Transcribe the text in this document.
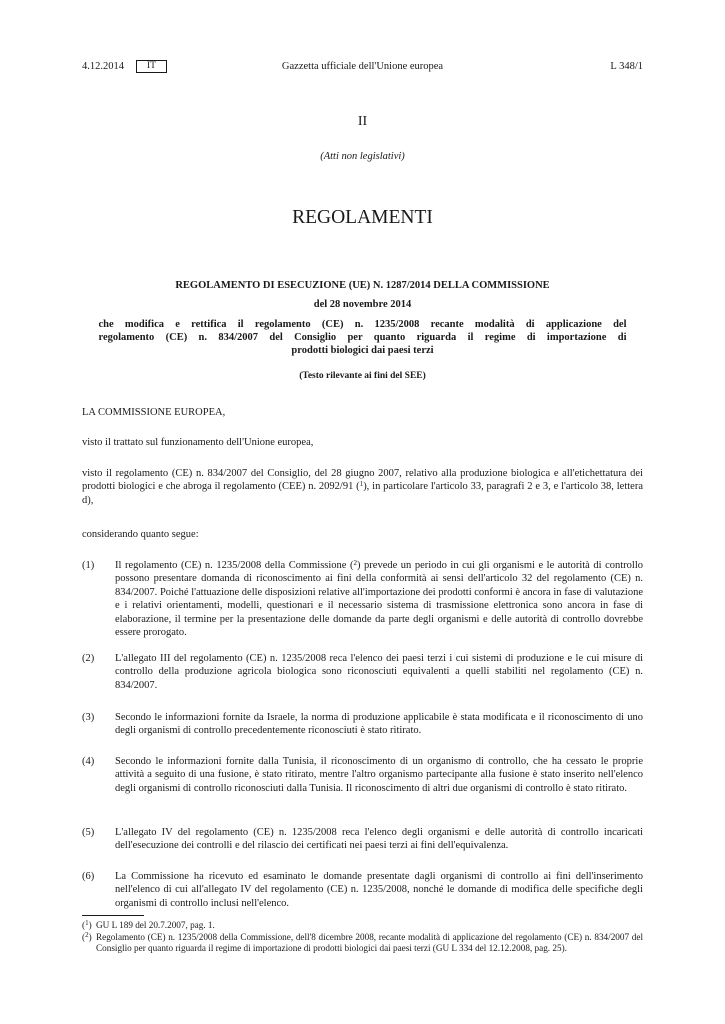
4.12.2014	IT	Gazzetta ufficiale dell'Unione europea	L 348/1
II
(Atti non legislativi)
REGOLAMENTI
REGOLAMENTO DI ESECUZIONE (UE) N. 1287/2014 DELLA COMMISSIONE
del 28 novembre 2014
che modifica e rettifica il regolamento (CE) n. 1235/2008 recante modalità di applicazione del
regolamento (CE) n. 834/2007 del Consiglio per quanto riguarda il regime di importazione di
prodotti biologici dai paesi terzi
(Testo rilevante ai fini del SEE)
LA COMMISSIONE EUROPEA,
visto il trattato sul funzionamento dell'Unione europea,
visto il regolamento (CE) n. 834/2007 del Consiglio, del 28 giugno 2007, relativo alla produzione biologica e all'etichettatura dei prodotti biologici e che abroga il regolamento (CEE) n. 2092/91 ($^1$), in particolare l'articolo 33, paragrafi 2 e 3, e l'articolo 38, lettera d),
considerando quanto segue:
(1) Il regolamento (CE) n. 1235/2008 della Commissione ($^2$) prevede un periodo in cui gli organismi e le autorità di controllo possono presentare domanda di riconoscimento ai fini della conformità ai sensi dell'articolo 32 del regolamento (CE) n. 834/2007. Poiché l'attuazione delle disposizioni relative all'importazione dei prodotti conformi è ancora in fase di valutazione e i relativi orientamenti, modelli, questionari e il necessario sistema di trasmissione elettronica sono ancora in fase di elaborazione, il termine per la presentazione delle domande da parte degli organismi e delle autorità di controllo dovrebbe essere prorogato.
(2) L'allegato III del regolamento (CE) n. 1235/2008 reca l'elenco dei paesi terzi i cui sistemi di produzione e le cui misure di controllo della produzione agricola biologica sono riconosciuti equivalenti a quelli stabiliti nel regolamento (CE) n. 834/2007.
(3) Secondo le informazioni fornite da Israele, la norma di produzione applicabile è stata modificata e il riconoscimento di uno degli organismi di controllo precedentemente riconosciuti è stato ritirato.
(4) Secondo le informazioni fornite dalla Tunisia, il riconoscimento di un organismo di controllo, che ha cessato le proprie attività a seguito di una fusione, è stato ritirato, mentre l'altro organismo partecipante alla fusione è stato inserito nell'elenco degli organismi di controllo riconosciuti dalla Tunisia. Il riconoscimento di altri due organismi di controllo è stato ritirato.
(5) L'allegato IV del regolamento (CE) n. 1235/2008 reca l'elenco degli organismi e delle autorità di controllo incaricati dell'esecuzione dei controlli e del rilascio dei certificati nei paesi terzi ai fini dell'equivalenza.
(6) La Commissione ha ricevuto ed esaminato le domande presentate dagli organismi di controllo ai fini dell'inserimento nell'elenco di cui all'allegato IV del regolamento (CE) n. 1235/2008, nonché le domande di modifica delle specifiche degli organismi di controllo inclusi nell'elenco.
($^1$) GU L 189 del 20.7.2007, pag. 1.
($^2$) Regolamento (CE) n. 1235/2008 della Commissione, dell'8 dicembre 2008, recante modalità di applicazione del regolamento (CE) n. 834/2007 del Consiglio per quanto riguarda il regime di importazione di prodotti biologici dai paesi terzi (GU L 334 del 12.12.2008, pag. 25).
